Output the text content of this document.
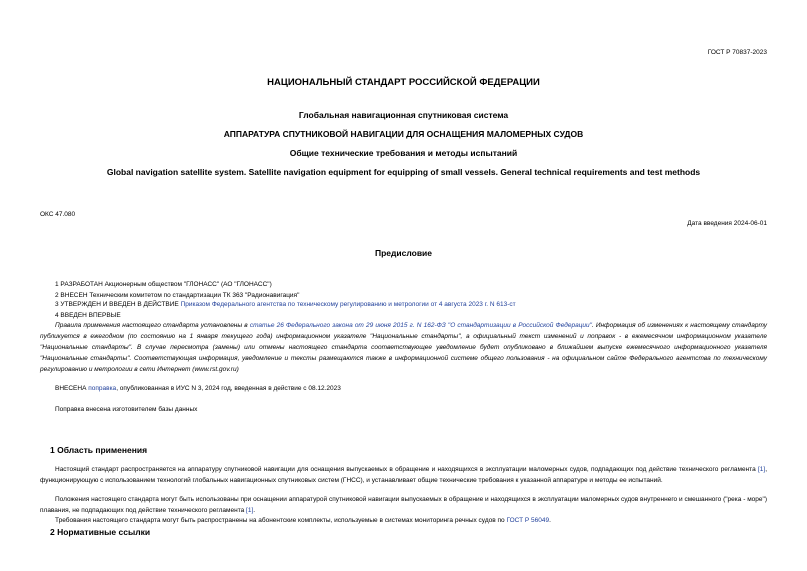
ГОСТ Р 70837-2023
НАЦИОНАЛЬНЫЙ СТАНДАРТ РОССИЙСКОЙ ФЕДЕРАЦИИ
Глобальная навигационная спутниковая система
АППАРАТУРА СПУТНИКОВОЙ НАВИГАЦИИ ДЛЯ ОСНАЩЕНИЯ МАЛОМЕРНЫХ СУДОВ
Общие технические требования и методы испытаний
Global navigation satellite system. Satellite navigation equipment for equipping of small vessels. General technical requirements and test methods
ОКС 47.080
Дата введения 2024-06-01
Предисловие
1 РАЗРАБОТАН Акционерным обществом "ГЛОНАСС" (АО "ГЛОНАСС")
2 ВНЕСЕН Техническим комитетом по стандартизации ТК 363 "Радионавигация"
3 УТВЕРЖДЕН И ВВЕДЕН В ДЕЙСТВИЕ Приказом Федерального агентства по техническому регулированию и метрологии от 4 августа 2023 г. N 613-ст
4 ВВЕДЕН ВПЕРВЫЕ
Правила применения настоящего стандарта установлены в статье 26 Федерального закона от 29 июня 2015 г. N 162-ФЗ "О стандартизации в Российской Федерации". Информация об изменениях к настоящему стандарту публикуется в ежегодном (по состоянию на 1 января текущего года) информационном указателе "Национальные стандарты", а официальный текст изменений и поправок - в ежемесячном информационном указателе "Национальные стандарты". В случае пересмотра (замены) или отмены настоящего стандарта соответствующее уведомление будет опубликовано в ближайшем выпуске ежемесячного информационного указателя "Национальные стандарты". Соответствующая информация, уведомление и тексты размещаются также в информационной системе общего пользования - на официальном сайте Федерального агентства по техническому регулированию и метрологии в сети Интернет (www.rst.gov.ru)
ВНЕСЕНА поправка, опубликованная в ИУС N 3, 2024 год, введенная в действие с 08.12.2023
Поправка внесена изготовителем базы данных
1 Область применения
Настоящий стандарт распространяется на аппаратуру спутниковой навигации для оснащения выпускаемых в обращение и находящихся в эксплуатации маломерных судов, подпадающих под действие технического регламента [1], функционирующую с использованием технологий глобальных навигационных спутниковых систем (ГНСС), и устанавливает общие технические требования к указанной аппаратуре и методы ее испытаний.
Положения настоящего стандарта могут быть использованы при оснащении аппаратурой спутниковой навигации выпускаемых в обращение и находящихся в эксплуатации маломерных судов внутреннего и смешанного ("река - море") плавания, не подпадающих под действие технического регламента [1].
Требования настоящего стандарта могут быть распространены на абонентские комплекты, используемые в системах мониторинга речных судов по ГОСТ Р 56049.
2 Нормативные ссылки
